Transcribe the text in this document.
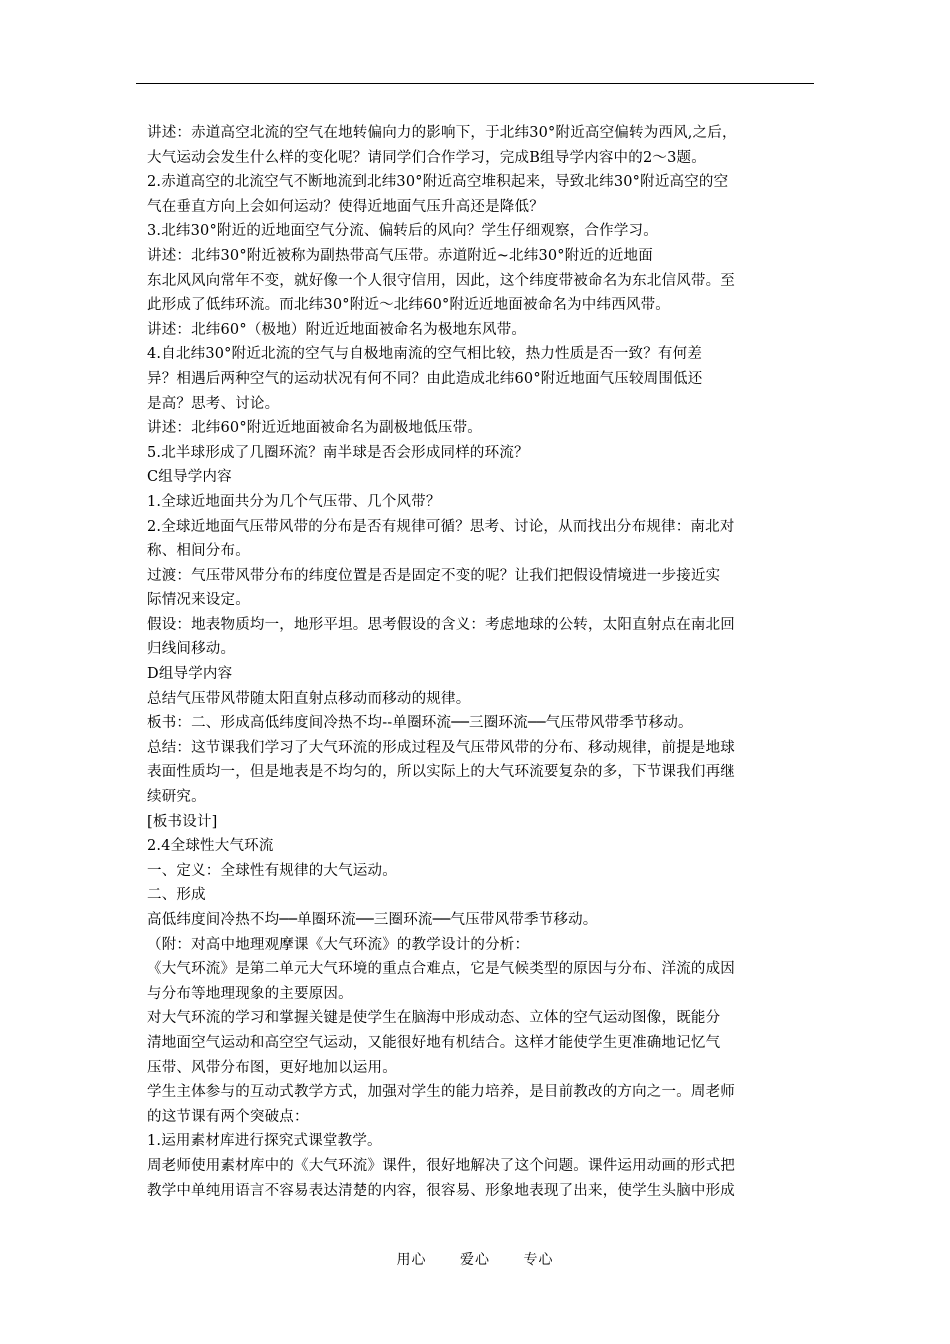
讲述：赤道高空北流的空气在地转偏向力的影响下，于北纬30°附近高空偏转为西风,之后，
大气运动会发生什么样的变化呢？请同学们合作学习，完成B组导学内容中的2～3题。
2.赤道高空的北流空气不断地流到北纬30°附近高空堆积起来，导致北纬30°附近高空的空
气在垂直方向上会如何运动？使得近地面气压升高还是降低？
3.北纬30°附近的近地面空气分流、偏转后的风向？学生仔细观察，合作学习。
讲述：北纬30°附近被称为副热带高气压带。赤道附近~北纬30°附近的近地面
东北风风向常年不变，就好像一个人很守信用，因此，这个纬度带被命名为东北信风带。至
此形成了低纬环流。而北纬30°附近～北纬60°附近近地面被命名为中纬西风带。
讲述：北纬60°（极地）附近近地面被命名为极地东风带。
4.自北纬30°附近北流的空气与自极地南流的空气相比较，热力性质是否一致？有何差
异？相遇后两种空气的运动状况有何不同？由此造成北纬60°附近地面气压较周围低还
是高？思考、讨论。
讲述：北纬60°附近近地面被命名为副极地低压带。
5.北半球形成了几圈环流？南半球是否会形成同样的环流？
C组导学内容
1.全球近地面共分为几个气压带、几个风带？
2.全球近地面气压带风带的分布是否有规律可循？思考、讨论，从而找出分布规律：南北对
称、相间分布。
过渡：气压带风带分布的纬度位置是否是固定不变的呢？让我们把假设情境进一步接近实
际情况来设定。
假设：地表物质均一，地形平坦。思考假设的含义：考虑地球的公转，太阳直射点在南北回
归线间移动。
D组导学内容
总结气压带风带随太阳直射点移动而移动的规律。
板书：二、形成高低纬度间冷热不均--单圈环流──三圈环流──气压带风带季节移动。
总结：这节课我们学习了大气环流的形成过程及气压带风带的分布、移动规律，前提是地球
表面性质均一，但是地表是不均匀的，所以实际上的大气环流要复杂的多，下节课我们再继
续研究。
[板书设计]
2.4全球性大气环流
一、定义：全球性有规律的大气运动。
二、形成
高低纬度间冷热不均──单圈环流──三圈环流──气压带风带季节移动。
（附：对高中地理观摩课《大气环流》的教学设计的分析：
《大气环流》是第二单元大气环境的重点合难点，它是气候类型的原因与分布、洋流的成因
与分布等地理现象的主要原因。
对大气环流的学习和掌握关键是使学生在脑海中形成动态、立体的空气运动图像，既能分
清地面空气运动和高空空气运动，又能很好地有机结合。这样才能使学生更准确地记忆气
压带、风带分布图，更好地加以运用。
学生主体参与的互动式教学方式，加强对学生的能力培养，是目前教改的方向之一。周老师
的这节课有两个突破点：
1.运用素材库进行探究式课堂教学。
周老师使用素材库中的《大气环流》课件，很好地解决了这个问题。课件运用动画的形式把
教学中单纯用语言不容易表达清楚的内容，很容易、形象地表现了出来，使学生头脑中形成
用心 爱心 专心
